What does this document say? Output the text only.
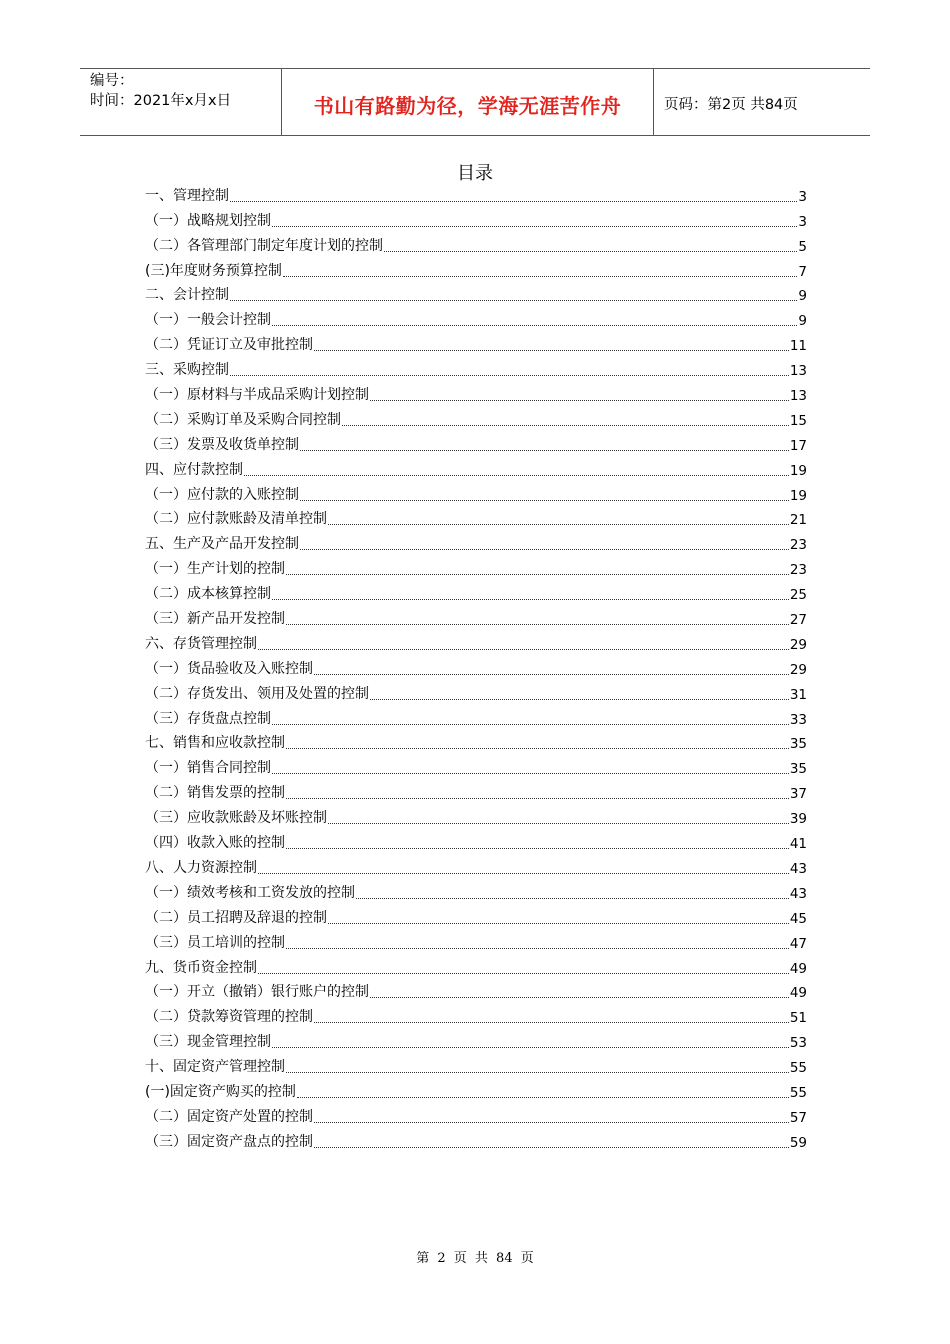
编号：
时间：2021年x月x日	书山有路勤为径，学海无涯苦作舟	页码：第2页 共84页
目录
一、管理控制	3
（一）战略规划控制	3
（二）各管理部门制定年度计划的控制	5
(三)年度财务预算控制	7
二、会计控制	9
（一）一般会计控制	9
（二）凭证订立及审批控制	11
三、采购控制	13
（一）原材料与半成品采购计划控制	13
（二）采购订单及采购合同控制	15
（三）发票及收货单控制	17
四、应付款控制	19
（一）应付款的入账控制	19
（二）应付款账龄及清单控制	21
五、生产及产品开发控制	23
（一）生产计划的控制	23
（二）成本核算控制	25
（三）新产品开发控制	27
六、存货管理控制	29
（一）货品验收及入账控制	29
（二）存货发出、领用及处置的控制	31
（三）存货盘点控制	33
七、销售和应收款控制	35
（一）销售合同控制	35
（二）销售发票的控制	37
（三）应收款账龄及坏账控制	39
（四）收款入账的控制	41
八、人力资源控制	43
（一）绩效考核和工资发放的控制	43
（二）员工招聘及辞退的控制	45
（三）员工培训的控制	47
九、货币资金控制	49
（一）开立（撤销）银行账户的控制	49
（二）贷款筹资管理的控制	51
（三）现金管理控制	53
十、固定资产管理控制	55
(一)固定资产购买的控制	55
（二）固定资产处置的控制	57
（三）固定资产盘点的控制	59
第 2 页 共 84 页
